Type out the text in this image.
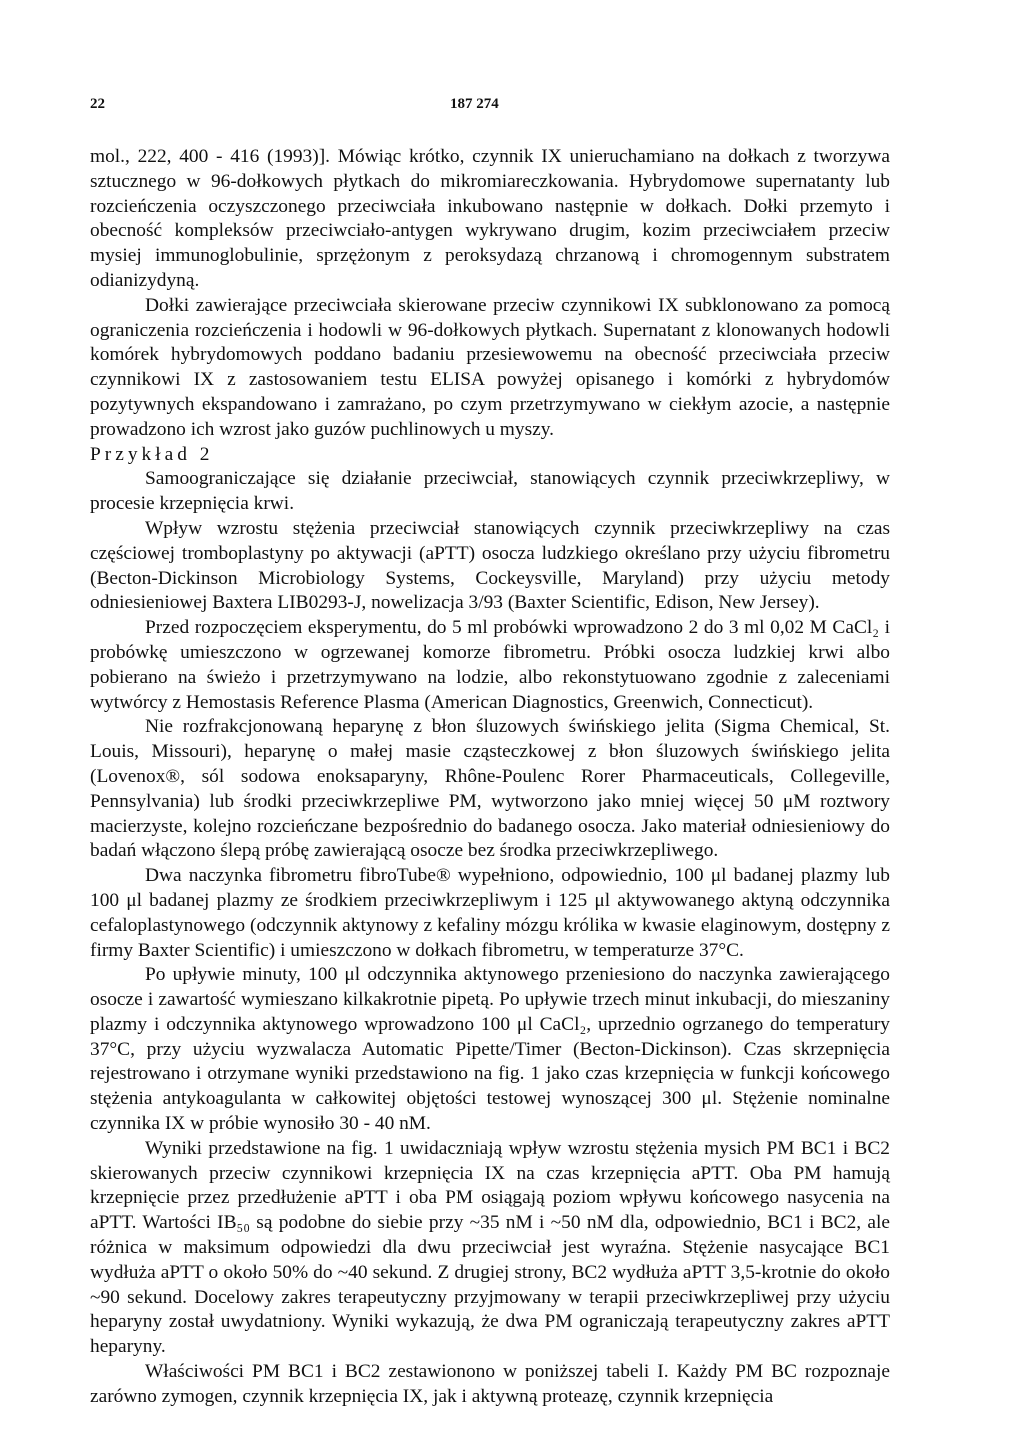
22	187 274

mol., 222, 400 - 416 (1993)]. Mówiąc krótko, czynnik IX unieruchamiano na dołkach z tworzywa sztucznego w 96-dołkowych płytkach do mikromiareczkowania. Hybrydomowe supernatanty lub rozcieńczenia oczyszczonego przeciwciała inkubowano następnie w dołkach. Dołki przemyto i obecność kompleksów przeciwciało-antygen wykrywano drugim, kozim przeciwciałem przeciw mysiej immunoglobulinie, sprzężonym z peroksydazą chrzanową i chromogennym substratem odianizydyną.

Dołki zawierające przeciwciała skierowane przeciw czynnikowi IX subklonowano za pomocą ograniczenia rozcieńczenia i hodowli w 96-dołkowych płytkach. Supernatant z klonowanych hodowli komórek hybrydomowych poddano badaniu przesiewowemu na obecność przeciwciała przeciw czynnikowi IX z zastosowaniem testu ELISA powyżej opisanego i komórki z hybrydomów pozytywnych ekspandowano i zamrażano, po czym przetrzymywano w ciekłym azocie, a następnie prowadzono ich wzrost jako guzów puchlinowych u myszy.

Przykład 2

Samoograniczające się działanie przeciwciał, stanowiących czynnik przeciwkrzepliwy, w procesie krzepnięcia krwi.

Wpływ wzrostu stężenia przeciwciał stanowiących czynnik przeciwkrzepliwy na czas częściowej tromboplastyny po aktywacji (aPTT) osocza ludzkiego określano przy użyciu fibrometru (Becton-Dickinson Microbiology Systems, Cockeysville, Maryland) przy użyciu metody odniesieniowej Baxtera LIB0293-J, nowelizacja 3/93 (Baxter Scientific, Edison, New Jersey).

Przed rozpoczęciem eksperymentu, do 5 ml probówki wprowadzono 2 do 3 ml 0,02 M CaCl₂ i probówkę umieszczono w ogrzewanej komorze fibrometru. Próbki osocza ludzkiej krwi albo pobierano na świeżo i przetrzymywano na lodzie, albo rekonstytuowano zgodnie z zaleceniami wytwórcy z Hemostasis Reference Plasma (American Diagnostics, Greenwich, Connecticut).

Nie rozfrakcjonowaną heparynę z błon śluzowych świńskiego jelita (Sigma Chemical, St. Louis, Missouri), heparynę o małej masie cząsteczkowej z błon śluzowych świńskiego jelita (Lovenox®, sól sodowa enoksaparyny, Rhône-Poulenc Rorer Pharmaceuticals, Collegeville, Pennsylvania) lub środki przeciwkrzepliwe PM, wytworzono jako mniej więcej 50 μM roztwory macierzyste, kolejno rozcieńczane bezpośrednio do badanego osocza. Jako materiał odniesieniowy do badań włączono ślepą próbę zawierającą osocze bez środka przeciwkrzepliwego.

Dwa naczynka fibrometru fibroTube® wypełniono, odpowiednio, 100 μl badanej plazmy lub 100 μl badanej plazmy ze środkiem przeciwkrzepliwym i 125 μl aktywowanego aktyną odczynnika cefaloplastynowego (odczynnik aktynowy z kefaliny mózgu królika w kwasie elaginowym, dostępny z firmy Baxter Scientific) i umieszczono w dołkach fibrometru, w temperaturze 37°C.

Po upływie minuty, 100 μl odczynnika aktynowego przeniesiono do naczynka zawierającego osocze i zawartość wymieszano kilkakrotnie pipetą. Po upływie trzech minut inkubacji, do mieszaniny plazmy i odczynnika aktynowego wprowadzono 100 μl CaCl₂, uprzednio ogrzanego do temperatury 37°C, przy użyciu wyzwalacza Automatic Pipette/Timer (Becton-Dickinson). Czas skrzepnięcia rejestrowano i otrzymane wyniki przedstawiono na fig. 1 jako czas krzepnięcia w funkcji końcowego stężenia antykoagulanta w całkowitej objętości testowej wynoszącej 300 μl. Stężenie nominalne czynnika IX w próbie wynosiło 30 - 40 nM.

Wyniki przedstawione na fig. 1 uwidaczniają wpływ wzrostu stężenia mysich PM BC1 i BC2 skierowanych przeciw czynnikowi krzepnięcia IX na czas krzepnięcia aPTT. Oba PM hamują krzepnięcie przez przedłużenie aPTT i oba PM osiągają poziom wpływu końcowego nasycenia na aPTT. Wartości IB₅₀ są podobne do siebie przy ~35 nM i ~50 nM dla, odpowiednio, BC1 i BC2, ale różnica w maksimum odpowiedzi dla dwu przeciwciał jest wyraźna. Stężenie nasycające BC1 wydłuża aPTT o około 50% do ~40 sekund. Z drugiej strony, BC2 wydłuża aPTT 3,5-krotnie do około ~90 sekund. Docelowy zakres terapeutyczny przyjmowany w terapii przeciwkrzepliwej przy użyciu heparyny został uwydatniony. Wyniki wykazują, że dwa PM ograniczają terapeutyczny zakres aPTT heparyny.

Właściwości PM BC1 i BC2 zestawionono w poniższej tabeli I. Każdy PM BC rozpoznaje zarówno zymogen, czynnik krzepnięcia IX, jak i aktywną proteazę, czynnik krzepnięcia
